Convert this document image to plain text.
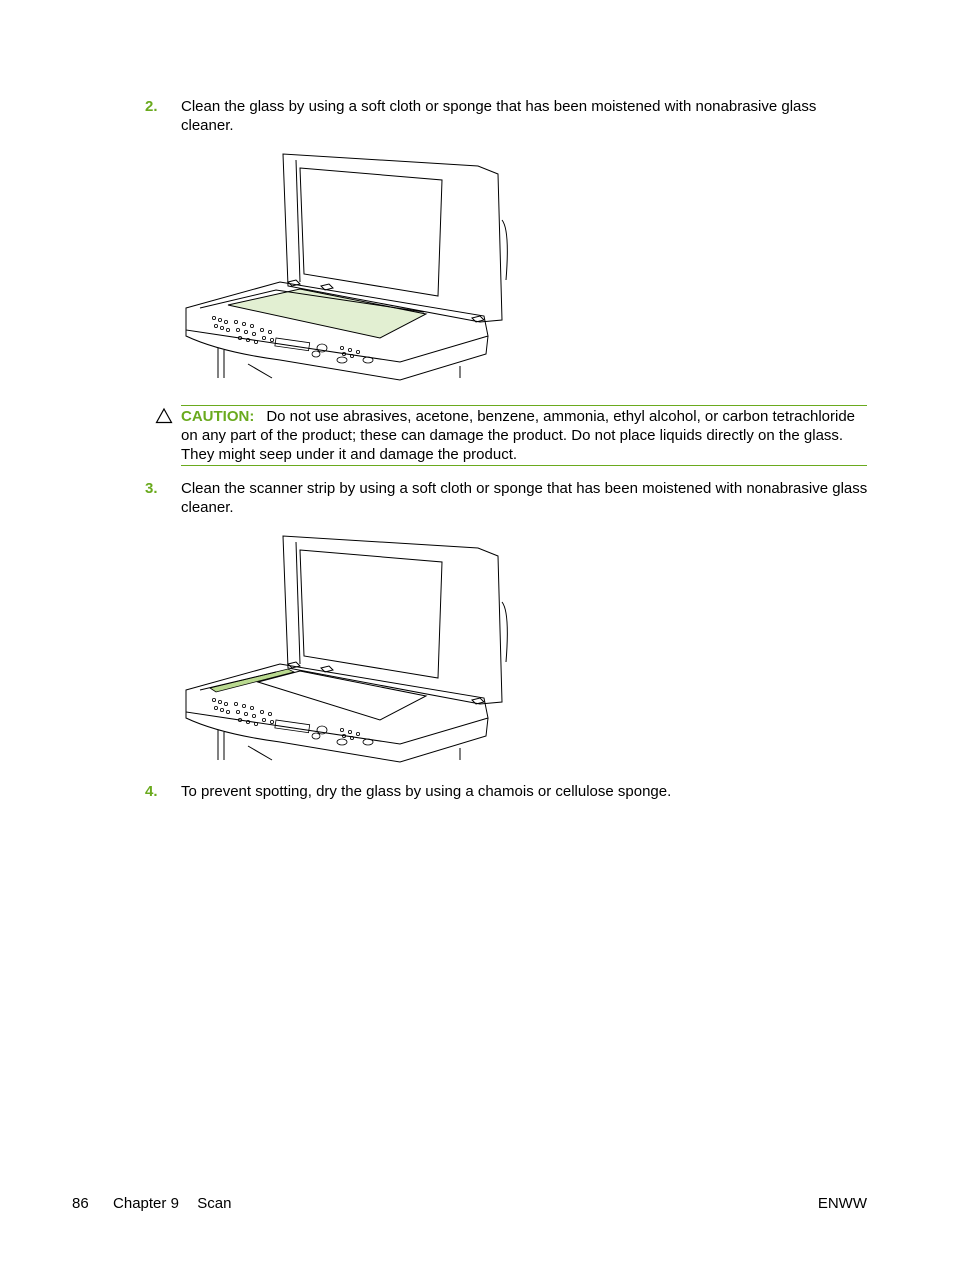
2. Clean the glass by using a soft cloth or sponge that has been moistened with nonabrasive glass cleaner.
CAUTION: Do not use abrasives, acetone, benzene, ammonia, ethyl alcohol, or carbon tetrachloride on any part of the product; these can damage the product. Do not place liquids directly on the glass. They might seep under it and damage the product.
3. Clean the scanner strip by using a soft cloth or sponge that has been moistened with nonabrasive glass cleaner.
4. To prevent spotting, dry the glass by using a chamois or cellulose sponge.
86 Chapter 9 Scan	ENWW
